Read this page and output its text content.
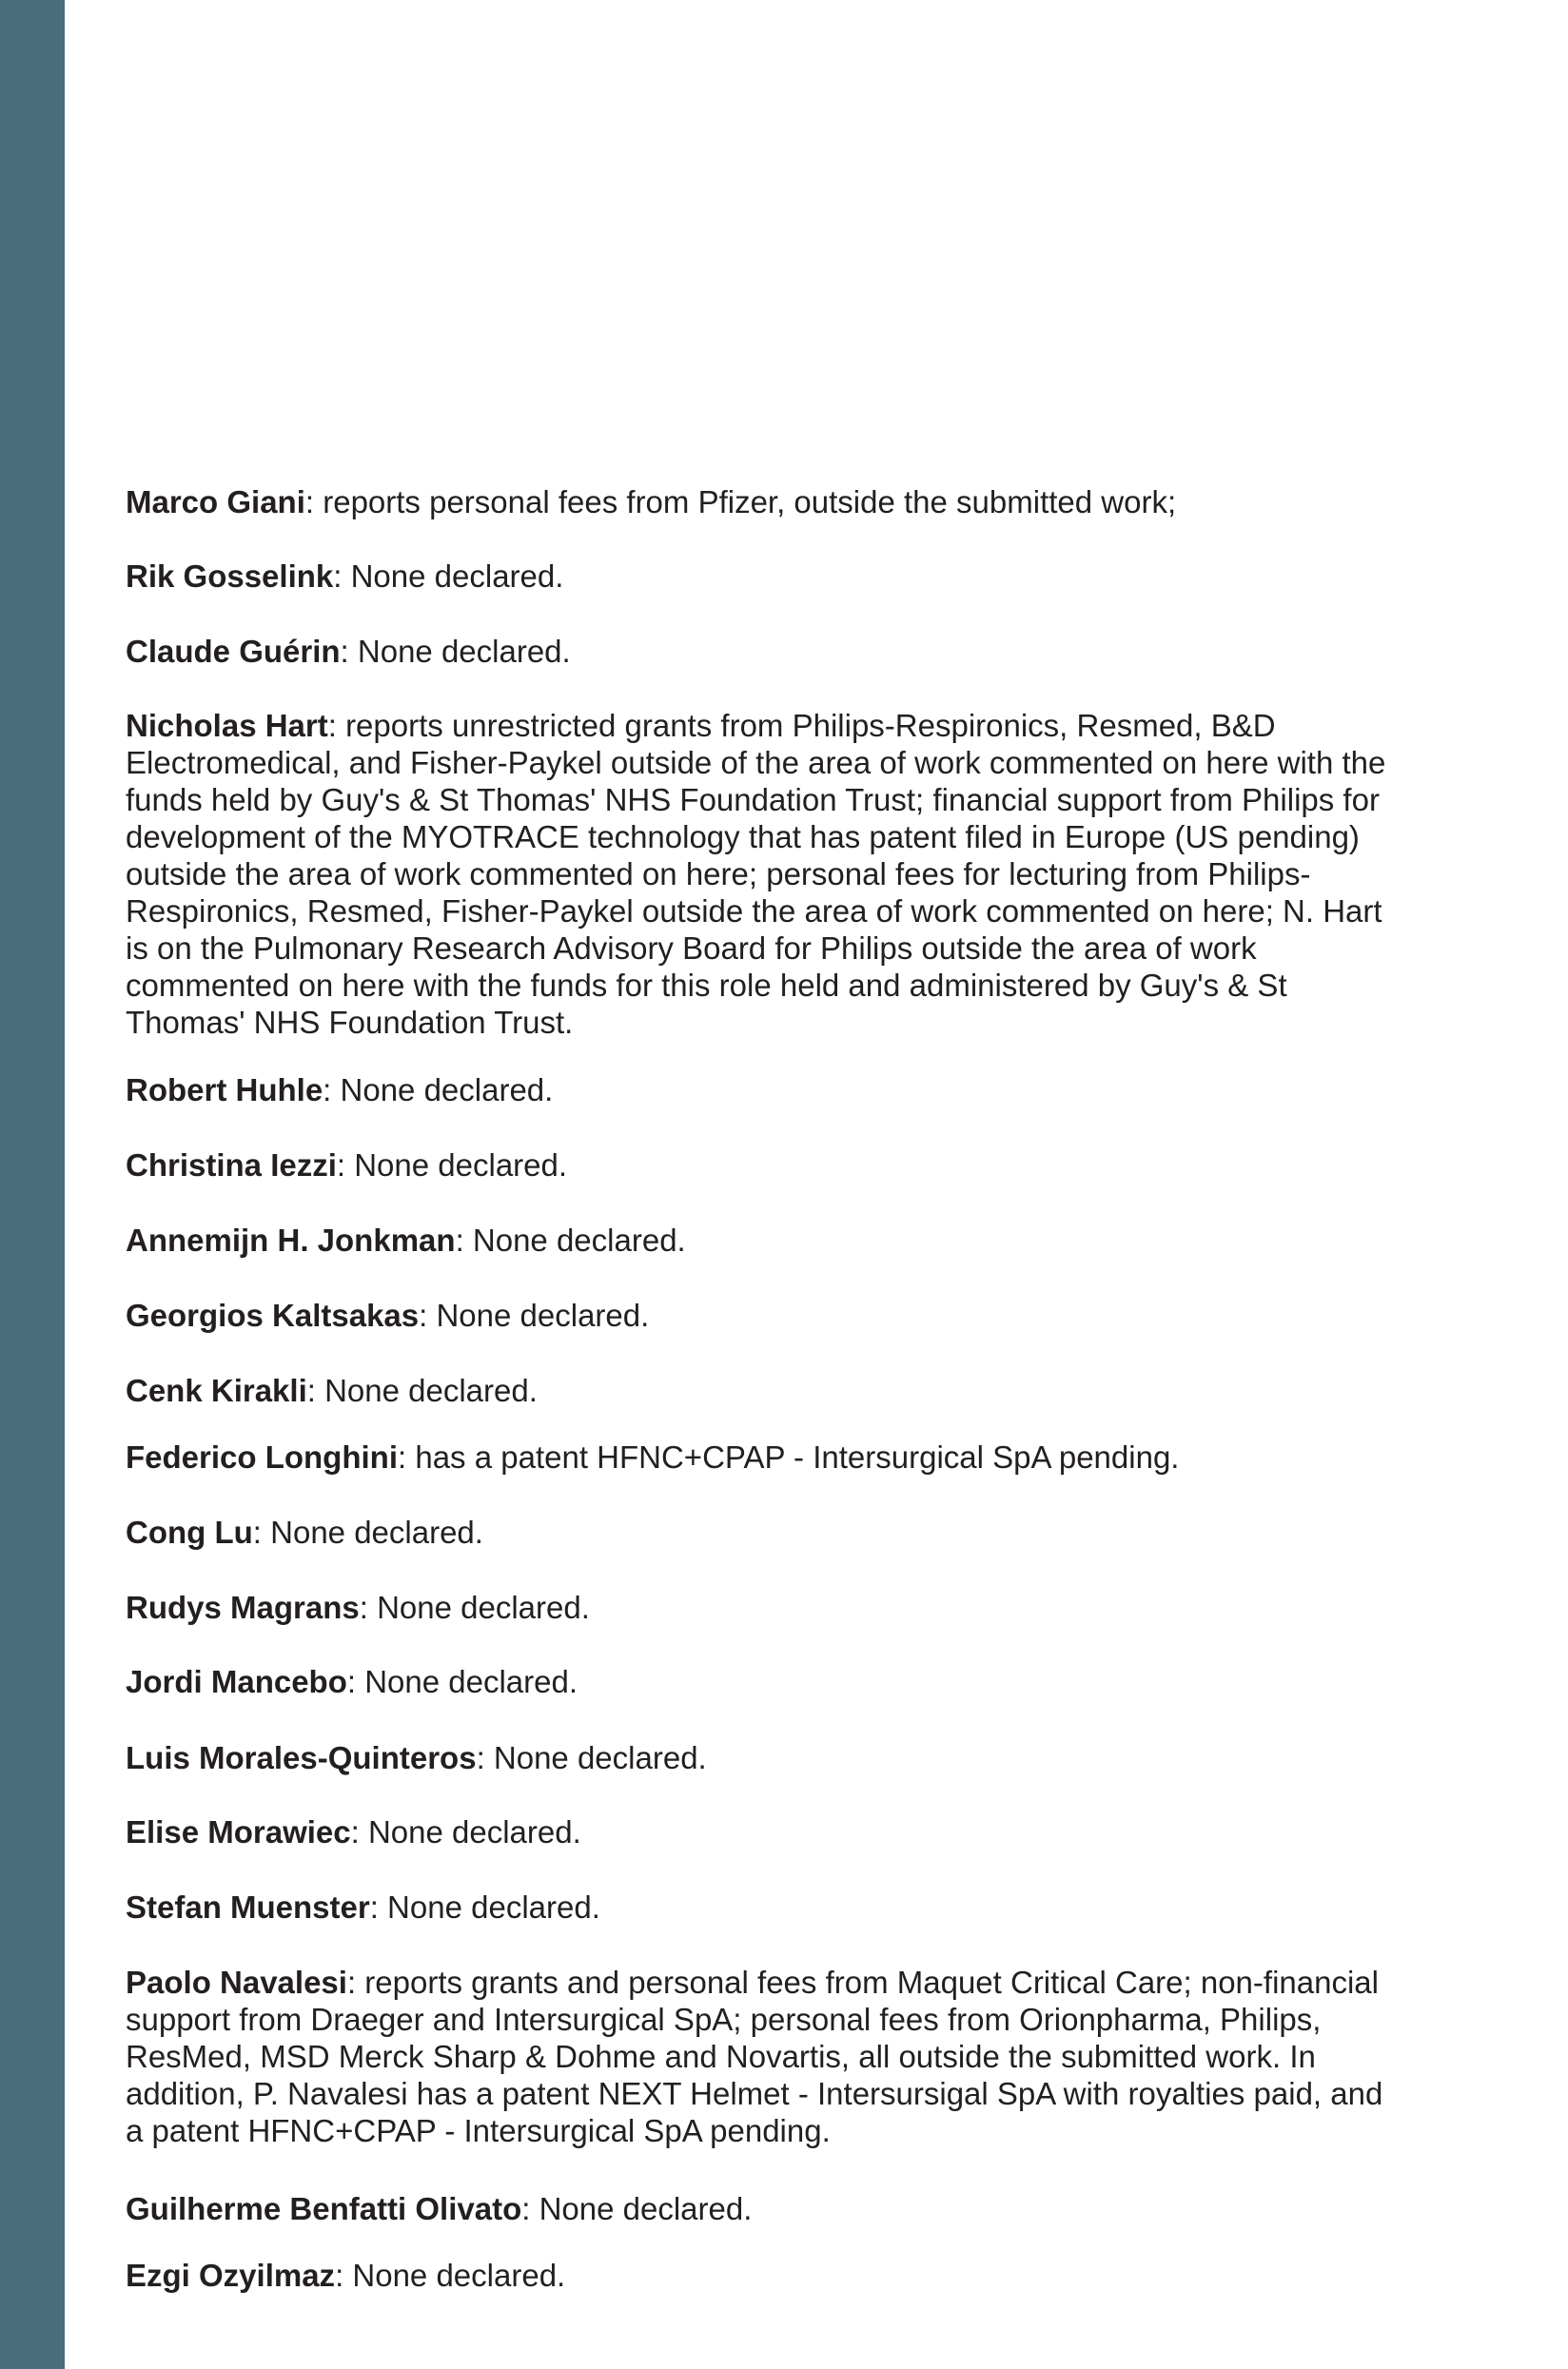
Marco Giani: reports personal fees from Pfizer, outside the submitted work;

Rik Gosselink: None declared.

Claude Guérin: None declared.

Nicholas Hart: reports unrestricted grants from Philips-Respironics, Resmed, B&D Electromedical, and Fisher-Paykel outside of the area of work commented on here with the funds held by Guy's & St Thomas' NHS Foundation Trust; financial support from Philips for development of the MYOTRACE technology that has patent filed in Europe (US pending) outside the area of work commented on here; personal fees for lecturing from Philips-Respironics, Resmed, Fisher-Paykel outside the area of work commented on here; N. Hart is on the Pulmonary Research Advisory Board for Philips outside the area of work commented on here with the funds for this role held and administered by Guy's & St Thomas' NHS Foundation Trust.

Robert Huhle: None declared.

Christina Iezzi: None declared.

Annemijn H. Jonkman: None declared.

Georgios Kaltsakas: None declared.

Cenk Kirakli: None declared.

Federico Longhini: has a patent HFNC+CPAP - Intersurgical SpA pending.

Cong Lu: None declared.

Rudys Magrans: None declared.

Jordi Mancebo: None declared.

Luis Morales-Quinteros: None declared.

Elise Morawiec: None declared.

Stefan Muenster: None declared.

Paolo Navalesi: reports grants and personal fees from Maquet Critical Care; non-financial support from Draeger and Intersurgical SpA; personal fees from Orionpharma, Philips, ResMed, MSD Merck Sharp & Dohme and Novartis, all outside the submitted work. In addition, P. Navalesi has a patent NEXT Helmet - Intersursigal SpA with royalties paid, and a patent HFNC+CPAP - Intersurgical SpA pending.

Guilherme Benfatti Olivato: None declared.

Ezgi Ozyilmaz: None declared.
